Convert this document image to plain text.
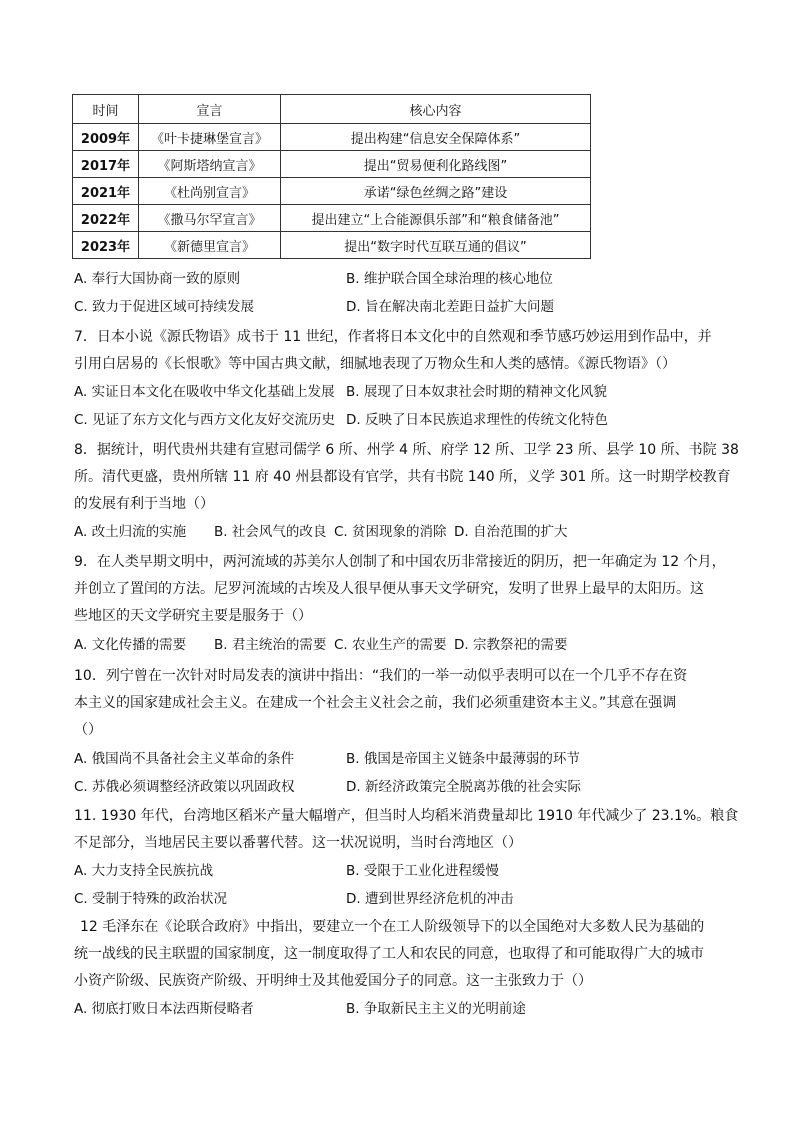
时间	宣言	核心内容
2009年	《叶卡捷琳堡宣言》	提出构建“信息安全保障体系”
2017年	《阿斯塔纳宣言》	提出“贸易便利化路线图”
2021年	《杜尚别宣言》	承诺“绿色丝绸之路”建设
2022年	《撒马尔罕宣言》	提出建立“上合能源俱乐部”和“粮食储备池”
2023年	《新德里宣言》	提出“数字时代互联互通的倡议”
A. 奉行大国协商一致的原则	B. 维护联合国全球治理的核心地位
C. 致力于促进区域可持续发展	D. 旨在解决南北差距日益扩大问题
7．日本小说《源氏物语》成书于 11 世纪，作者将日本文化中的自然观和季节感巧妙运用到作品中，并
引用白居易的《长恨歌》等中国古典文献，细腻地表现了万物众生和人类的感情。《源氏物语》（）
A. 实证日本文化在吸收中华文化基础上发展 B. 展现了日本奴隶社会时期的精神文化风貌
C. 见证了东方文化与西方文化友好交流历史 D. 反映了日本民族追求理性的传统文化特色
8．据统计，明代贵州共建有宣慰司儒学 6 所、州学 4 所、府学 12 所、卫学 23 所、县学 10 所、书院 38
所。清代更盛，贵州所辖 11 府 40 州县都设有官学，共有书院 140 所，义学 301 所。这一时期学校教育
的发展有利于当地（）
A. 改土归流的实施 B. 社会风气的改良 C. 贫困现象的消除 D. 自治范围的扩大
9．在人类早期文明中，两河流域的苏美尔人创制了和中国农历非常接近的阴历，把一年确定为 12 个月，
并创立了置闰的方法。尼罗河流域的古埃及人很早便从事天文学研究，发明了世界上最早的太阳历。这
些地区的天文学研究主要是服务于（）
A. 文化传播的需要 B. 君主统治的需要 C. 农业生产的需要 D. 宗教祭祀的需要
10．列宁曾在一次针对时局发表的演讲中指出：“我们的一举一动似乎表明可以在一个几乎不存在资
本主义的国家建成社会主义。在建成一个社会主义社会之前，我们必须重建资本主义。”其意在强调
（）
A. 俄国尚不具备社会主义革命的条件	B. 俄国是帝国主义链条中最薄弱的环节
C. 苏俄必须调整经济政策以巩固政权	D. 新经济政策完全脱离苏俄的社会实际
11. 1930 年代，台湾地区稻米产量大幅增产，但当时人均稻米消费量却比 1910 年代减少了 23.1%。粮食
不足部分，当地居民主要以番薯代替。这一状况说明，当时台湾地区（）
A. 大力支持全民族抗战	B. 受限于工业化进程缓慢
C. 受制于特殊的政治状况	D. 遭到世界经济危机的冲击
12 毛泽东在《论联合政府》中指出，要建立一个在工人阶级领导下的以全国绝对大多数人民为基础的
统一战线的民主联盟的国家制度，这一制度取得了工人和农民的同意，也取得了和可能取得广大的城市
小资产阶级、民族资产阶级、开明绅士及其他爱国分子的同意。这一主张致力于（）
A. 彻底打败日本法西斯侵略者	B. 争取新民主主义的光明前途
